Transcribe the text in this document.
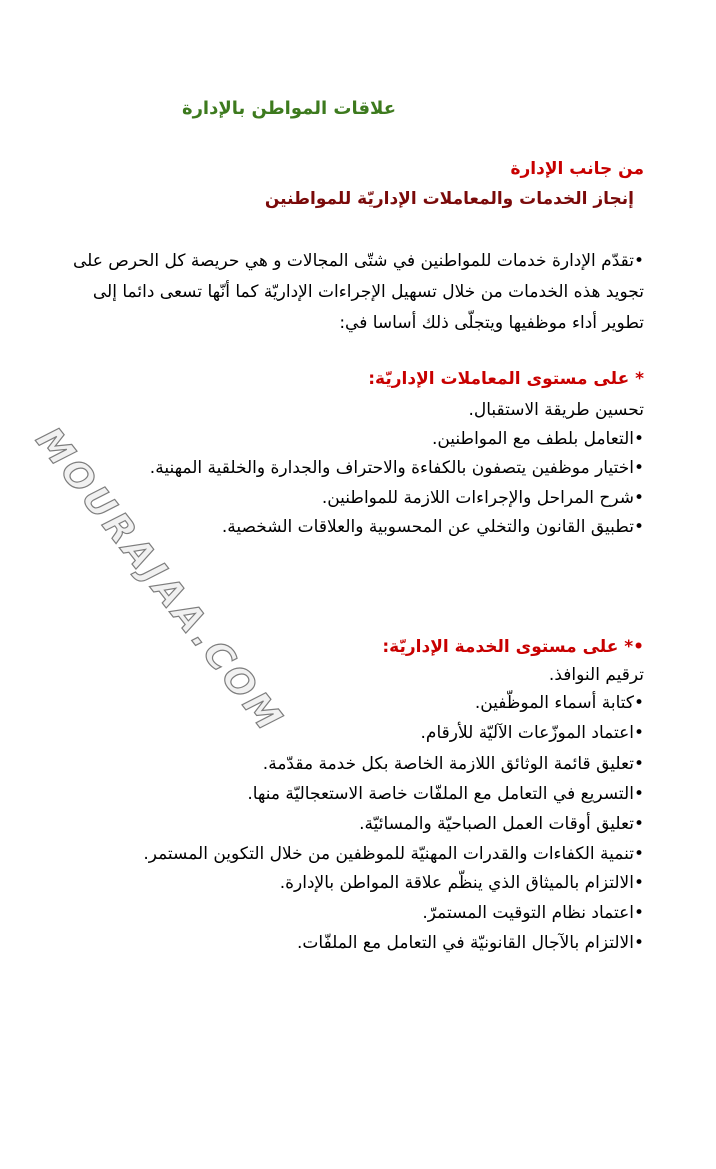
علاقات المواطن بالإدارة
من جانب الإدارة
إنجاز الخدمات والمعاملات الإداريّة للمواطنين
•تقدّم الإدارة خدمات للمواطنين في شتّى المجالات و هي حريصة كل الحرص على
تجويد هذه الخدمات من خلال تسهيل الإجراءات الإداريّة كما أنّها تسعى دائما إلى
تطوير أداء موظفيها ويتجلّى ذلك أساسا في:
* على مستوى المعاملات الإداريّة:
تحسين طريقة الاستقبال.
•التعامل بلطف مع المواطنين.
•اختيار موظفين يتصفون بالكفاءة والاحتراف والجدارة والخلقية المهنية.
•شرح المراحل والإجراءات اللازمة للمواطنين.
•تطبيق القانون والتخلي عن المحسوبية والعلاقات الشخصية.
•* على مستوى الخدمة الإداريّة:
ترقيم النوافذ.
•كتابة أسماء الموظّفين.
•اعتماد الموزّعات الآليّة للأرقام.
•تعليق قائمة الوثائق اللازمة الخاصة بكل خدمة مقدّمة.
•التسريع في التعامل مع الملفّات خاصة الاستعجاليّة منها.
•تعليق أوقات العمل الصباحيّة والمسائيّة.
•تنمية الكفاءات والقدرات المهنيّة للموظفين من خلال التكوين المستمر.
•الالتزام بالميثاق الذي ينظّم علاقة المواطن بالإدارة.
•اعتماد نظام التوقيت المستمرّ.
•الالتزام بالآجال القانونيّة في التعامل مع الملفّات.
MOURAJAA.COM
